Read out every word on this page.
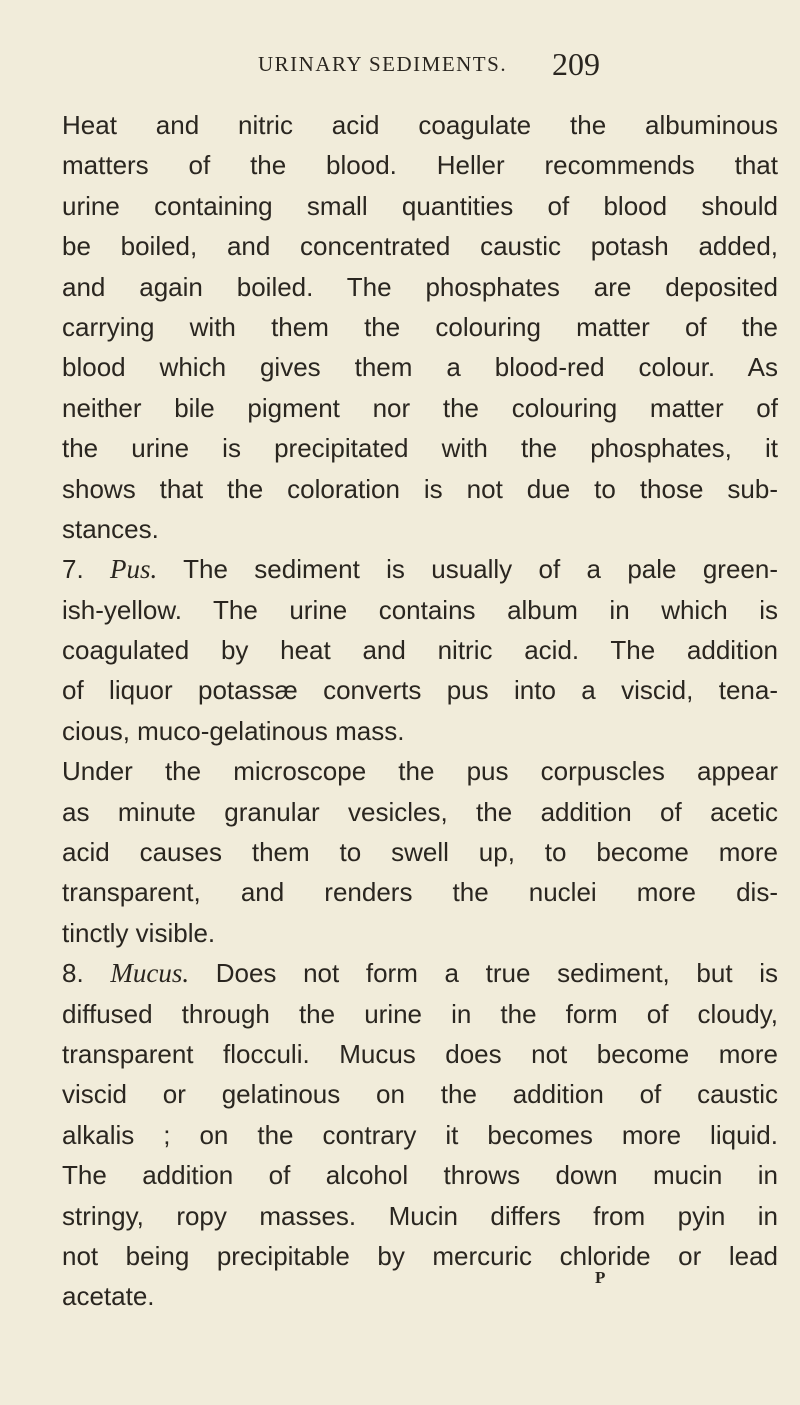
URINARY SEDIMENTS. 209
Heat and nitric acid coagulate the albuminous
matters of the blood. Heller recommends that
urine containing small quantities of blood should
be boiled, and concentrated caustic potash added,
and again boiled. The phosphates are deposited
carrying with them the colouring matter of the
blood which gives them a blood-red colour. As
neither bile pigment nor the colouring matter of
the urine is precipitated with the phosphates, it
shows that the coloration is not due to those sub-
stances.
7. Pus. The sediment is usually of a pale green-
ish-yellow. The urine contains album in which is
coagulated by heat and nitric acid. The addition
of liquor potassæ converts pus into a viscid, tena-
cious, muco-gelatinous mass.
Under the microscope the pus corpuscles appear
as minute granular vesicles, the addition of acetic
acid causes them to swell up, to become more
transparent, and renders the nuclei more dis-
tinctly visible.
8. Mucus. Does not form a true sediment, but is
diffused through the urine in the form of cloudy,
transparent flocculi. Mucus does not become more
viscid or gelatinous on the addition of caustic
alkalis ; on the contrary it becomes more liquid.
The addition of alcohol throws down mucin in
stringy, ropy masses. Mucin differs from pyin in
not being precipitable by mercuric chloride or lead
acetate.
P
